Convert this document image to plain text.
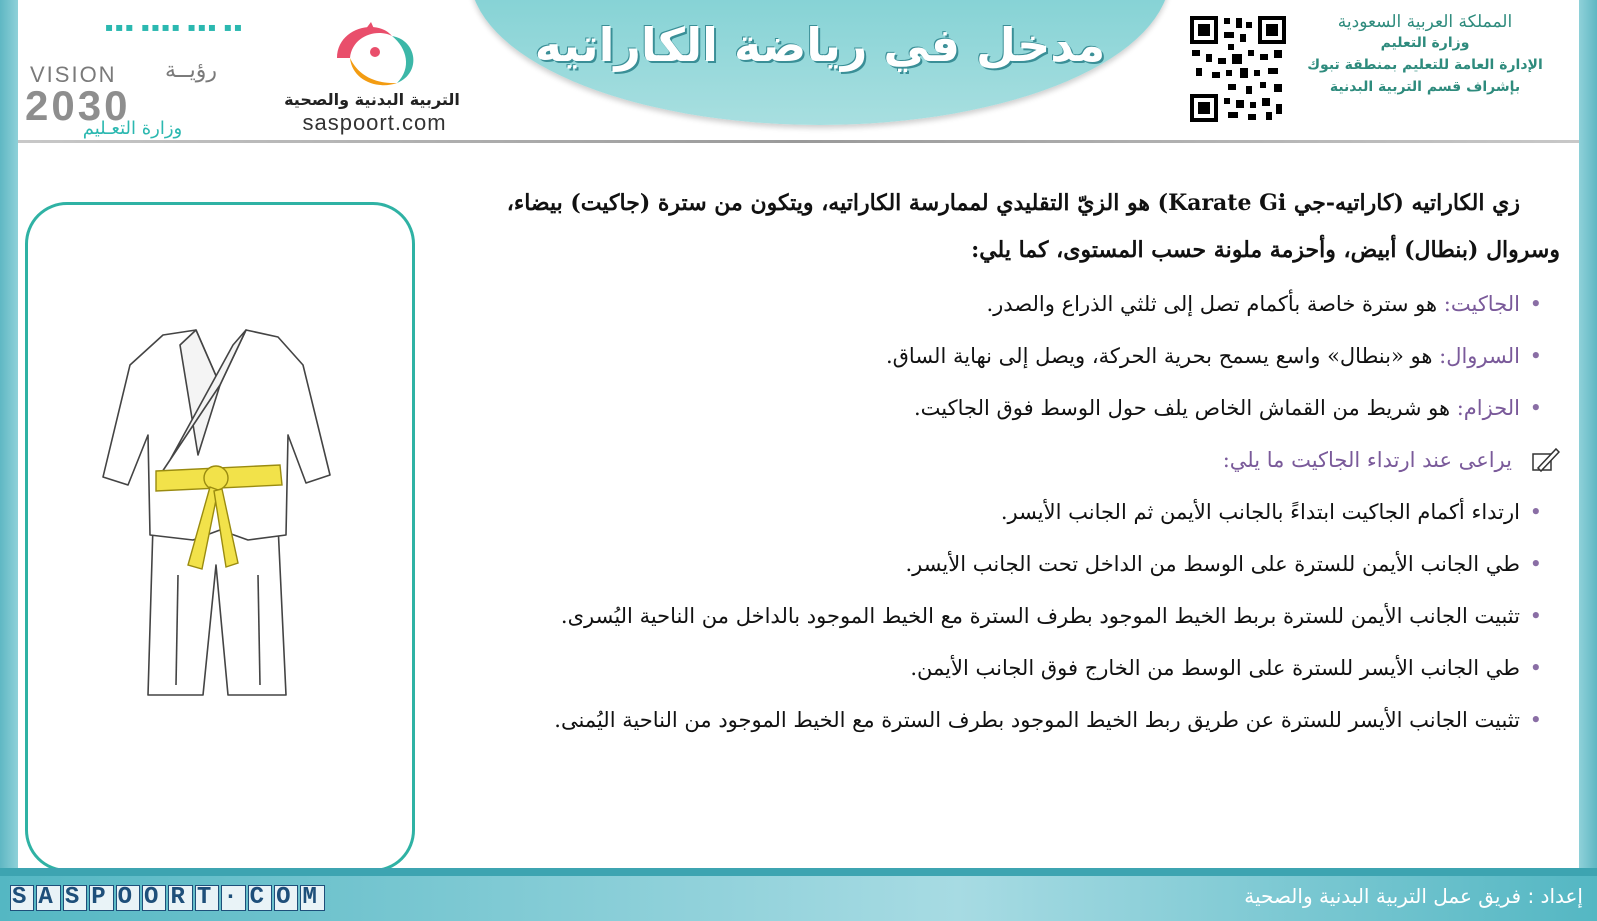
مدخل في رياضة الكاراتيه
▪▪▪ ▪▪▪▪ ▪▪▪ ▪▪
VISION رؤيــة
2030
وزارة التعـليم
التربية البدنية والصحية
saspoort.com
المملكة العربية السعودية
وزارة التعليم
الإدارة العامة للتعليم بمنطقة تبوك
بإشراف قسم التربية البدنية

زي الكاراتيه (كاراتيه-جي Karate Gi) هو الزيّ التقليدي لممارسة الكاراتيه، ويتكون من سترة (جاكيت) بيضاء،

وسروال (بنطال) أبيض، وأحزمة ملونة حسب المستوى، كما يلي:

• الجاكيت: هو سترة خاصة بأكمام تصل إلى ثلثي الذراع والصدر.
• السروال: هو «بنطال» واسع يسمح بحرية الحركة، ويصل إلى نهاية الساق.
• الحزام: هو شريط من القماش الخاص يلف حول الوسط فوق الجاكيت.
يراعى عند ارتداء الجاكيت ما يلي:
• ارتداء أكمام الجاكيت ابتداءً بالجانب الأيمن ثم الجانب الأيسر.
• طي الجانب الأيمن للسترة على الوسط من الداخل تحت الجانب الأيسر.
• تثبيت الجانب الأيمن للسترة بربط الخيط الموجود بطرف السترة مع الخيط الموجود بالداخل من الناحية اليُسرى.
• طي الجانب الأيسر للسترة على الوسط من الخارج فوق الجانب الأيمن.
• تثبيت الجانب الأيسر للسترة عن طريق ربط الخيط الموجود بطرف السترة مع الخيط الموجود من الناحية اليُمنى.
S A S P O O R T · C O M	إعداد : فريق عمل التربية البدنية والصحية
